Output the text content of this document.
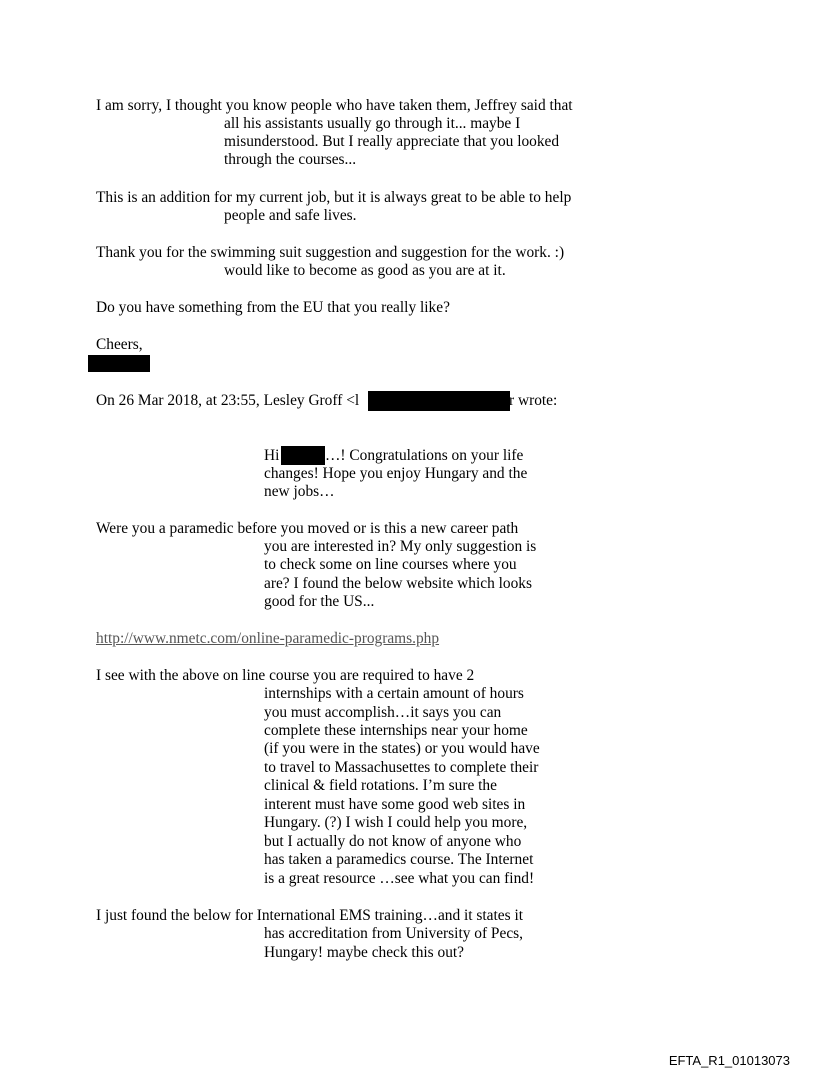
I am sorry, I thought you know people who have taken them, Jeffrey said that

all his assistants usually go through it... maybe I

misunderstood. But I really appreciate that you looked

through the courses...

This is an addition for my current job, but it is always great to be able to help

people and safe lives.

Thank you for the swimming suit suggestion and suggestion for the work. :)

would like to become as good as you are at it.

Do you have something from the EU that you really like?

Cheers,

On 26 Mar 2018, at 23:55, Lesley Groff <l	r wrote:

Hi	…! Congratulations on your life

changes! Hope you enjoy Hungary and the

new jobs…

Were you a paramedic before you moved or is this a new career path

you are interested in? My only suggestion is

to check some on line courses where you

are? I found the below website which looks

good for the US...

http://www.nmetc.com/online-paramedic-programs.php

I see with the above on line course you are required to have 2

internships with a certain amount of hours

you must accomplish…it says you can

complete these internships near your home

(if you were in the states) or you would have

to travel to Massachusettes to complete their

clinical & field rotations. I’m sure the

interent must have some good web sites in

Hungary. (?) I wish I could help you more,

but I actually do not know of anyone who

has taken a paramedics course. The Internet

is a great resource …see what you can find!

I just found the below for International EMS training…and it states it

has accreditation from University of Pecs,

Hungary! maybe check this out?

EFTA_R1_01013073
